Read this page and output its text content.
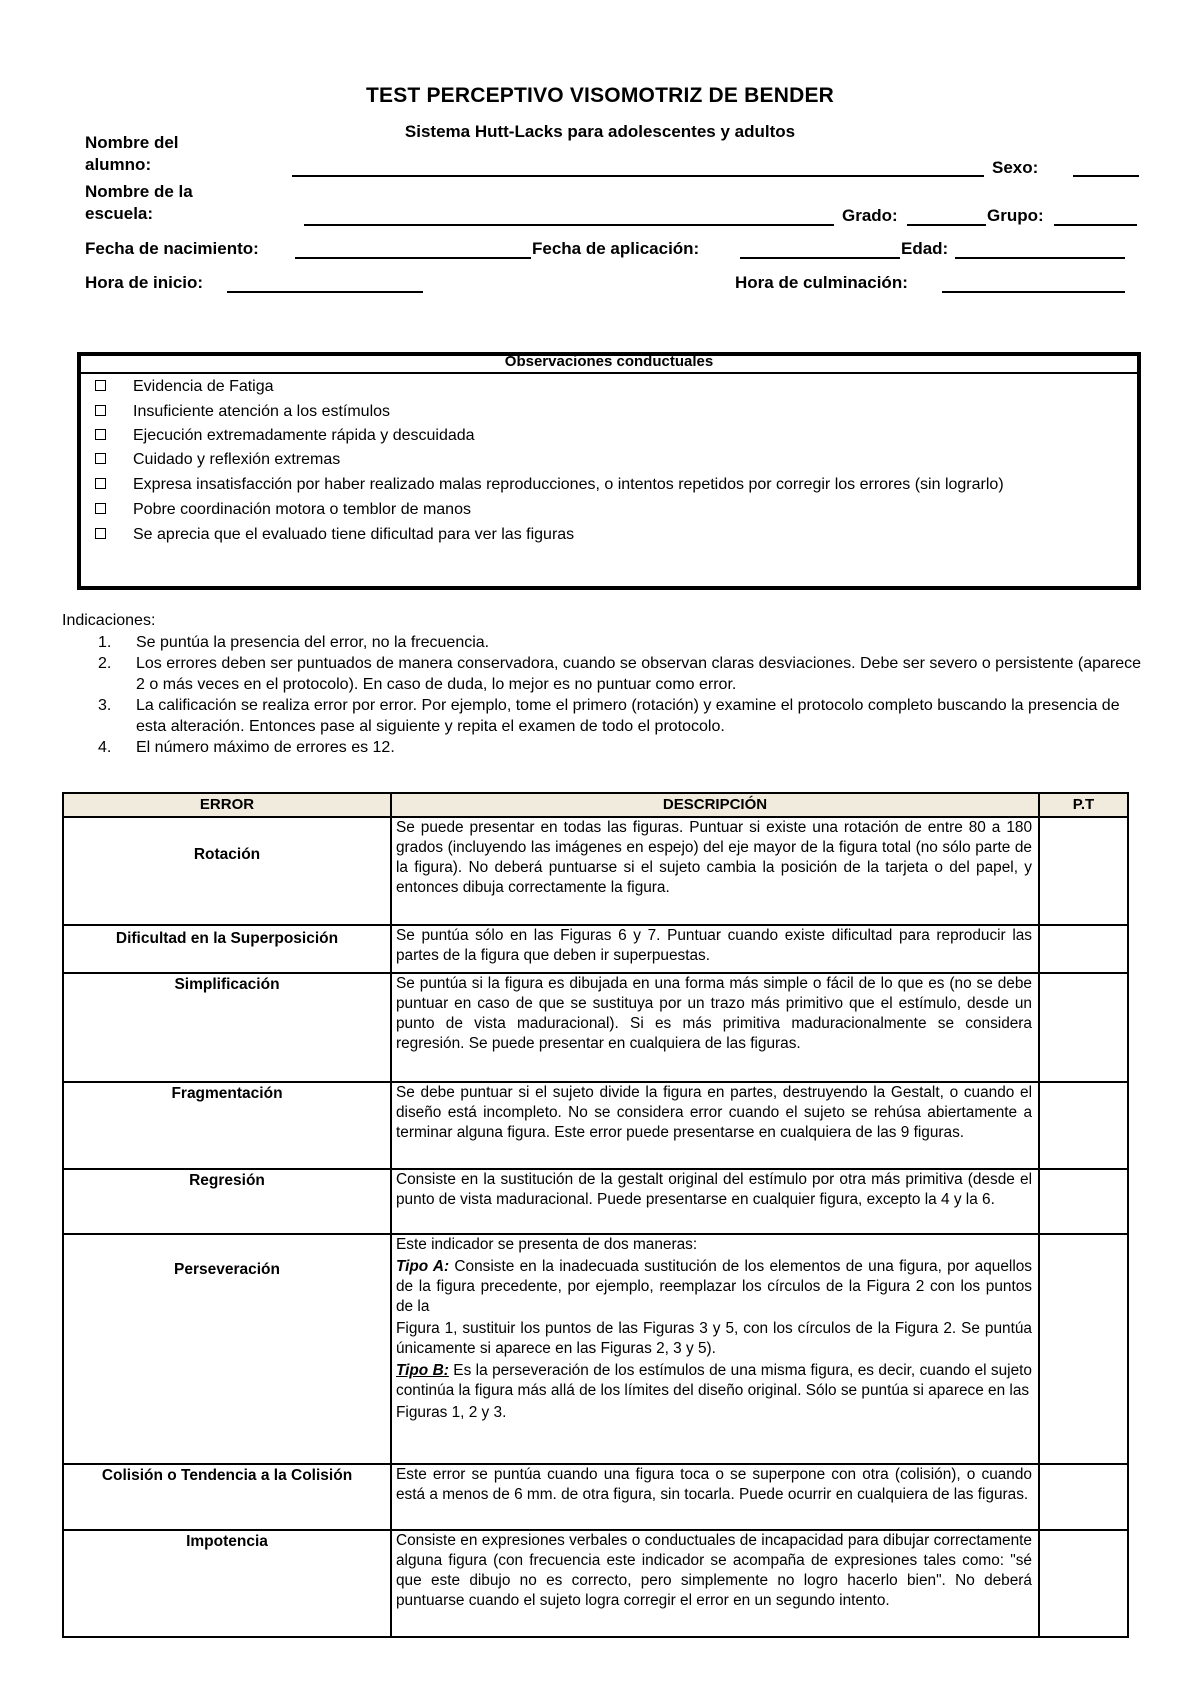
TEST PERCEPTIVO VISOMOTRIZ DE BENDER
Sistema Hutt-Lacks para adolescentes y adultos
Nombre del alumno:	Sexo:
Nombre de la escuela:	Grado:	Grupo:
Fecha de nacimiento:	Fecha de aplicación:	Edad:
Hora de inicio:	Hora de culminación:
Observaciones conductuales
Evidencia de Fatiga
Insuficiente atención a los estímulos
Ejecución extremadamente rápida y descuidada
Cuidado y reflexión extremas
Expresa insatisfacción por haber realizado malas reproducciones, o intentos repetidos por corregir los errores (sin lograrlo)
Pobre coordinación motora o temblor de manos
Se aprecia que el evaluado tiene dificultad para ver las figuras
Indicaciones:
1. Se puntúa la presencia del error, no la frecuencia.
2. Los errores deben ser puntuados de manera conservadora, cuando se observan claras desviaciones. Debe ser severo o persistente (aparece 2 o más veces en el protocolo). En caso de duda, lo mejor es no puntuar como error.
3. La calificación se realiza error por error. Por ejemplo, tome el primero (rotación) y examine el protocolo completo buscando la presencia de esta alteración. Entonces pase al siguiente y repita el examen de todo el protocolo.
4. El número máximo de errores es 12.
ERROR	DESCRIPCIÓN	P.T
Rotación	Se puede presentar en todas las figuras. Puntuar si existe una rotación de entre 80 a 180 grados (incluyendo las imágenes en espejo) del eje mayor de la figura total (no sólo parte de la figura). No deberá puntuarse si el sujeto cambia la posición de la tarjeta o del papel, y entonces dibuja correctamente la figura.	
Dificultad en la Superposición	Se puntúa sólo en las Figuras 6 y 7. Puntuar cuando existe dificultad para reproducir las partes de la figura que deben ir superpuestas.	
Simplificación	Se puntúa si la figura es dibujada en una forma más simple o fácil de lo que es (no se debe puntuar en caso de que se sustituya por un trazo más primitivo que el estímulo, desde un punto de vista maduracional). Si es más primitiva maduracionalmente se considera regresión. Se puede presentar en cualquiera de las figuras.	
Fragmentación	Se debe puntuar si el sujeto divide la figura en partes, destruyendo la Gestalt, o cuando el diseño está incompleto. No se considera error cuando el sujeto se rehúsa abiertamente a terminar alguna figura. Este error puede presentarse en cualquiera de las 9 figuras.	
Regresión	Consiste en la sustitución de la gestalt original del estímulo por otra más primitiva (desde el punto de vista maduracional. Puede presentarse en cualquier figura, excepto la 4 y la 6.	
Perseveración	Este indicador se presenta de dos maneras:

Tipo A: Consiste en la inadecuada sustitución de los elementos de una figura, por aquellos de la figura precedente, por ejemplo, reemplazar los círculos de la Figura 2 con los puntos de la

Figura 1, sustituir los puntos de las Figuras 3 y 5, con los círculos de la Figura 2. Se puntúa únicamente si aparece en las Figuras 2, 3 y 5).

Tipo B: Es la perseveración de los estímulos de una misma figura, es decir, cuando el sujeto continúa la figura más allá de los límites del diseño original. Sólo se puntúa si aparece en las

Figuras 1, 2 y 3.	

Colisión o Tendencia a la Colisión	Este error se puntúa cuando una figura toca o se superpone con otra (colisión), o cuando está a menos de 6 mm. de otra figura, sin tocarla. Puede ocurrir en cualquiera de las figuras.	
Impotencia	Consiste en expresiones verbales o conductuales de incapacidad para dibujar correctamente alguna figura (con frecuencia este indicador se acompaña de expresiones tales como: "sé que este dibujo no es correcto, pero simplemente no logro hacerlo bien". No deberá puntuarse cuando el sujeto logra corregir el error en un segundo intento.	
